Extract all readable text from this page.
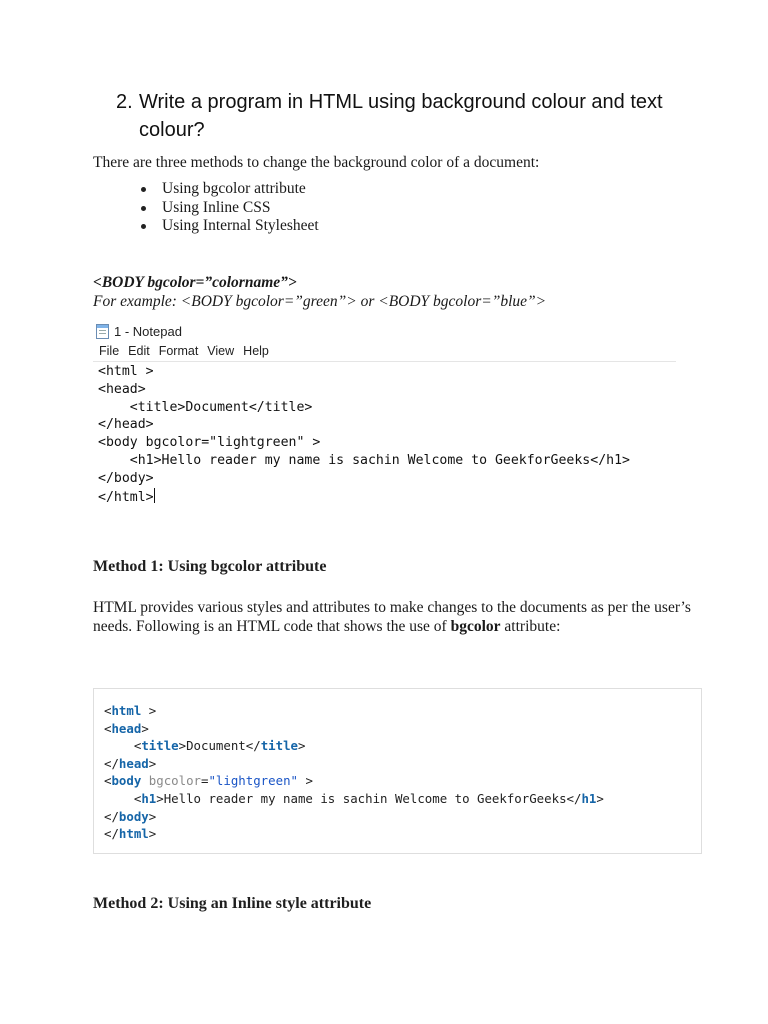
2. Write a program in HTML using background colour and text colour?
There are three methods to change the background color of a document:
Using bgcolor attribute
Using Inline CSS
Using Internal Stylesheet
<BODY bgcolor=”colorname”>
For example: <BODY bgcolor=”green”> or <BODY bgcolor=”blue”>
1 - Notepad
File Edit Format View Help
<html >
<head>
<title>Document</title>
</head>
<body bgcolor="lightgreen" >
<h1>Hello reader my name is sachin Welcome to GeekforGeeks</h1>
</body>
</html>
Method 1: Using bgcolor attribute
HTML provides various styles and attributes to make changes to the documents as per the user’s needs. Following is an HTML code that shows the use of bgcolor attribute:
<html >
<head>
<title>Document</title>
</head>
<body bgcolor="lightgreen" >
<h1>Hello reader my name is sachin Welcome to GeekforGeeks</h1>
</body>
</html>
Method 2: Using an Inline style attribute
